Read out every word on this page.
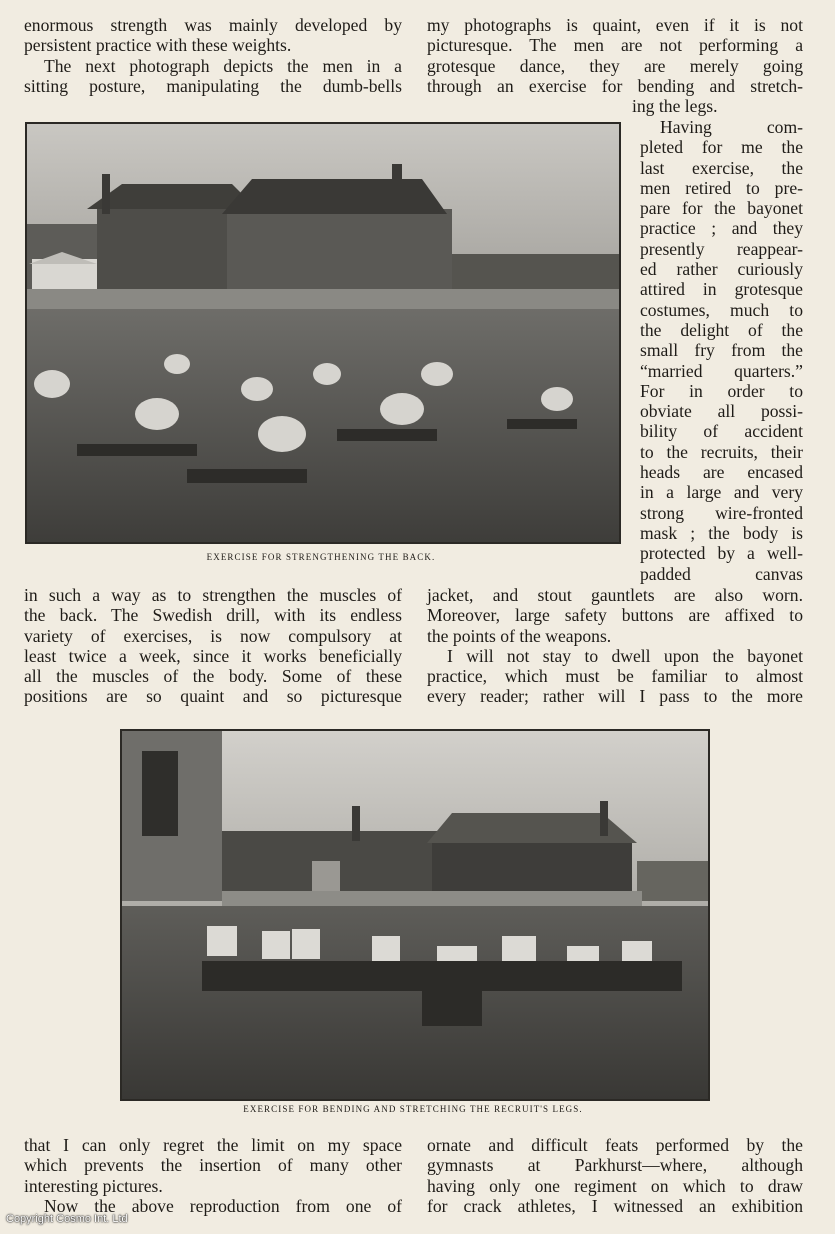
enormous strength was mainly developed by

persistent practice with these weights.

The next photograph depicts the men in a

sitting posture, manipulating the dumb-bells

my photographs is quaint, even if it is not

picturesque. The men are not performing a

grotesque dance, they are merely going

through an exercise for bending and stretch-

ing the legs.

Having com-

pleted for me the

last exercise, the

men retired to pre-

pare for the bayonet

practice ; and they

presently reappear-

ed rather curiously

attired in grotesque

costumes, much to

the delight of the

small fry from the

“married quarters.”

For in order to

obviate all possi-

bility of accident

to the recruits, their

heads are encased

in a large and very

strong wire-fronted

mask ; the body is

protected by a well-

padded canvas

EXERCISE FOR STRENGTHENING THE BACK.

in such a way as to strengthen the muscles of

the back. The Swedish drill, with its endless

variety of exercises, is now compulsory at

least twice a week, since it works beneficially

all the muscles of the body. Some of these

positions are so quaint and so picturesque

jacket, and stout gauntlets are also worn.

Moreover, large safety buttons are affixed to

the points of the weapons.

I will not stay to dwell upon the bayonet

practice, which must be familiar to almost

every reader; rather will I pass to the more

EXERCISE FOR BENDING AND STRETCHING THE RECRUIT'S LEGS.

that I can only regret the limit on my space

which prevents the insertion of many other

interesting pictures.

Now the above reproduction from one of

ornate and difficult feats performed by the

gymnasts at Parkhurst—where, although

having only one regiment on which to draw

for crack athletes, I witnessed an exhibition

Copyright Cosmo Int. Ltd
